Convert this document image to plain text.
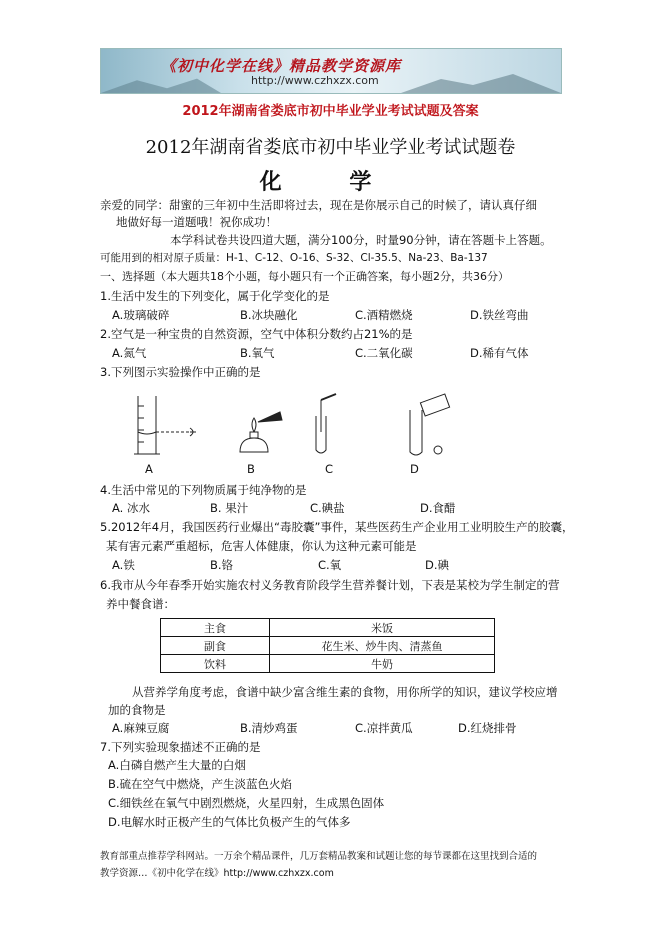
《初中化学在线》精品教学资源库
http://www.czhxzx.com
2012年湖南省娄底市初中毕业学业考试试题及答案
2012年湖南省娄底市初中毕业学业考试试题卷
化 学
亲爱的同学：甜蜜的三年初中生活即将过去，现在是你展示自己的时候了，请认真仔细
地做好每一道题哦！祝你成功！
本学科试卷共设四道大题，满分100分，时量90分钟，请在答题卡上答题。
可能用到的相对原子质量：H-1、C-12、O-16、S-32、Cl-35.5、Na-23、Ba-137
一、选择题（本大题共18个小题，每小题只有一个正确答案，每小题2分，共36分）
1.生活中发生的下列变化，属于化学变化的是
A.玻璃破碎	B.冰块融化	C.酒精燃烧	D.铁丝弯曲
2.空气是一种宝贵的自然资源，空气中体积分数约占21%的是
A.氮气	B.氧气	C.二氧化碳	D.稀有气体
3.下列图示实验操作中正确的是
A	B	C	D
4.生活中常见的下列物质属于纯净物的是
A. 冰水	B. 果汁	C.碘盐	D.食醋
5.2012年4月，我国医药行业爆出“毒胶囊”事件，某些医药生产企业用工业明胶生产的胶囊，
某有害元素严重超标，危害人体健康，你认为这种元素可能是
A.铁	B.铬	C.氧	D.碘
6.我市从今年春季开始实施农村义务教育阶段学生营养餐计划，下表是某校为学生制定的营
养中餐食谱：
主食	米饭
副食	花生米、炒牛肉、清蒸鱼
饮料	牛奶
从营养学角度考虑，食谱中缺少富含维生素的食物，用你所学的知识，建议学校应增
加的食物是
A.麻辣豆腐	B.清炒鸡蛋	C.凉拌黄瓜	D.红烧排骨
7.下列实验现象描述不正确的是
A.白磷自燃产生大量的白烟
B.硫在空气中燃烧，产生淡蓝色火焰
C.细铁丝在氧气中剧烈燃烧，火星四射，生成黑色固体
D.电解水时正极产生的气体比负极产生的气体多
教育部重点推荐学科网站。一万余个精品课件，几万套精品教案和试题让您的每节课都在这里找到合适的
教学资源…《初中化学在线》http://www.czhxzx.com
